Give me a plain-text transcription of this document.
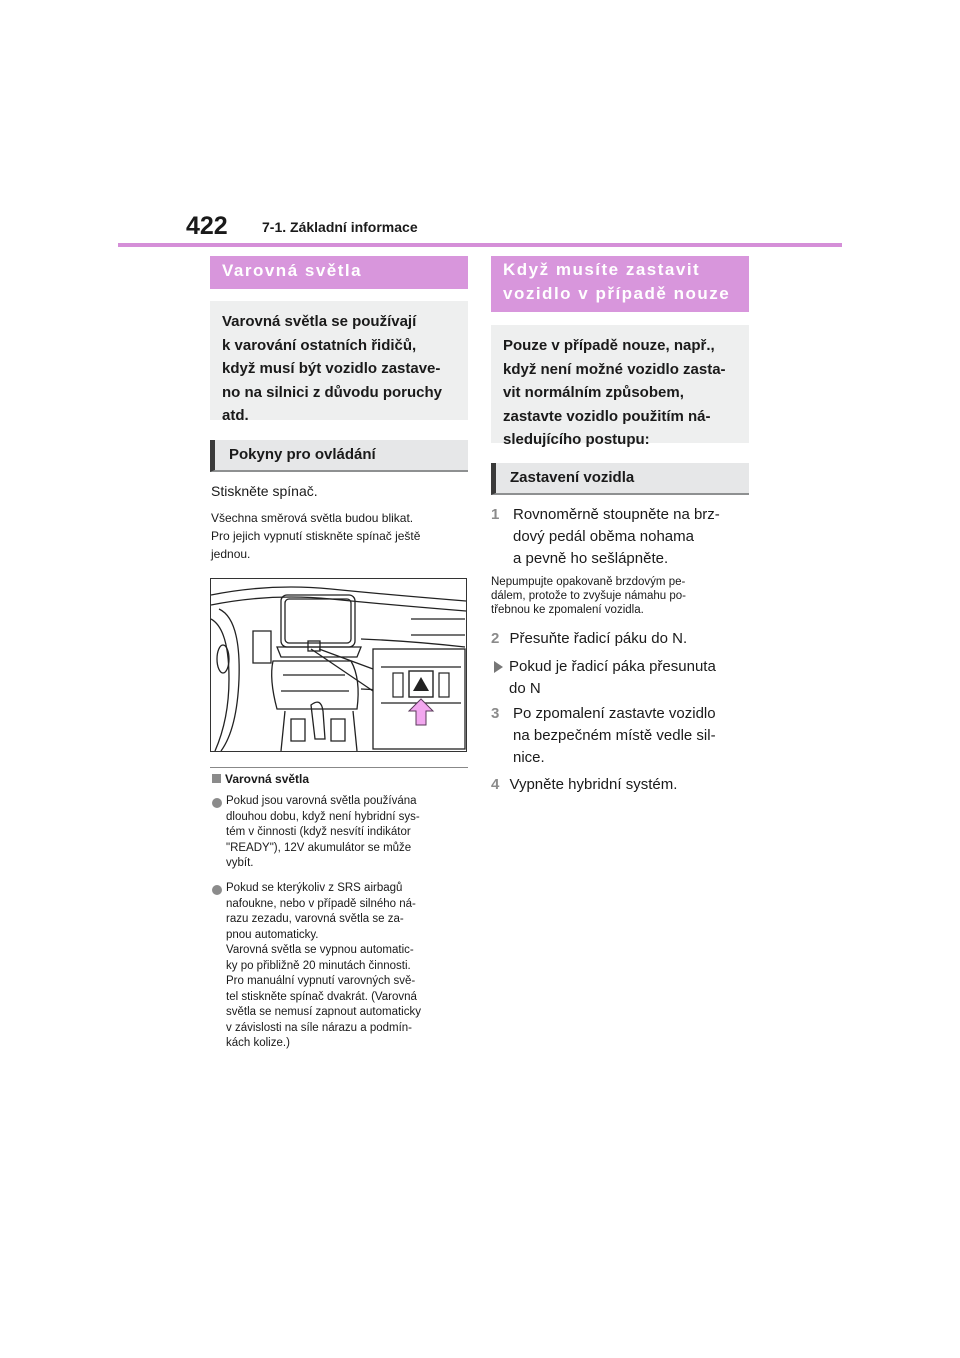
422 7-1. Základní informace
Varovná světla
Varovná světla se používají
k varování ostatních řidičů,
když musí být vozidlo zastave-
no na silnici z důvodu poruchy
atd.
Pokyny pro ovládání
Stiskněte spínač.
Všechna směrová světla budou blikat.
Pro jejich vypnutí stiskněte spínač ještě
jednou.
Varovná světla
Pokud jsou varovná světla používána
dlouhou dobu, když není hybridní sys-
tém v činnosti (když nesvítí indikátor
"READY"), 12V akumulátor se může
vybít.
Pokud se kterýkoliv z SRS airbagů
nafoukne, nebo v případě silného ná-
razu zezadu, varovná světla se za-
pnou automaticky.
Varovná světla se vypnou automatic-
ky po přibližně 20 minutách činnosti.
Pro manuální vypnutí varovných svě-
tel stiskněte spínač dvakrát. (Varovná
světla se nemusí zapnout automaticky
v závislosti na síle nárazu a podmín-
kách kolize.)
Když musíte zastavit
vozidlo v případě nouze
Pouze v případě nouze, např.,
když není možné vozidlo zasta-
vit normálním způsobem,
zastavte vozidlo použitím ná-
sledujícího postupu:
Zastavení vozidla
1 Rovnoměrně stoupněte na brz-
dový pedál oběma nohama
a pevně ho sešlápněte.
Nepumpujte opakovaně brzdovým pe-
dálem, protože to zvyšuje námahu po-
třebnou ke zpomalení vozidla.
2 Přesuňte řadicí páku do N.
Pokud je řadicí páka přesunuta
do N
3 Po zpomalení zastavte vozidlo
na bezpečném místě vedle sil-
nice.
4 Vypněte hybridní systém.
